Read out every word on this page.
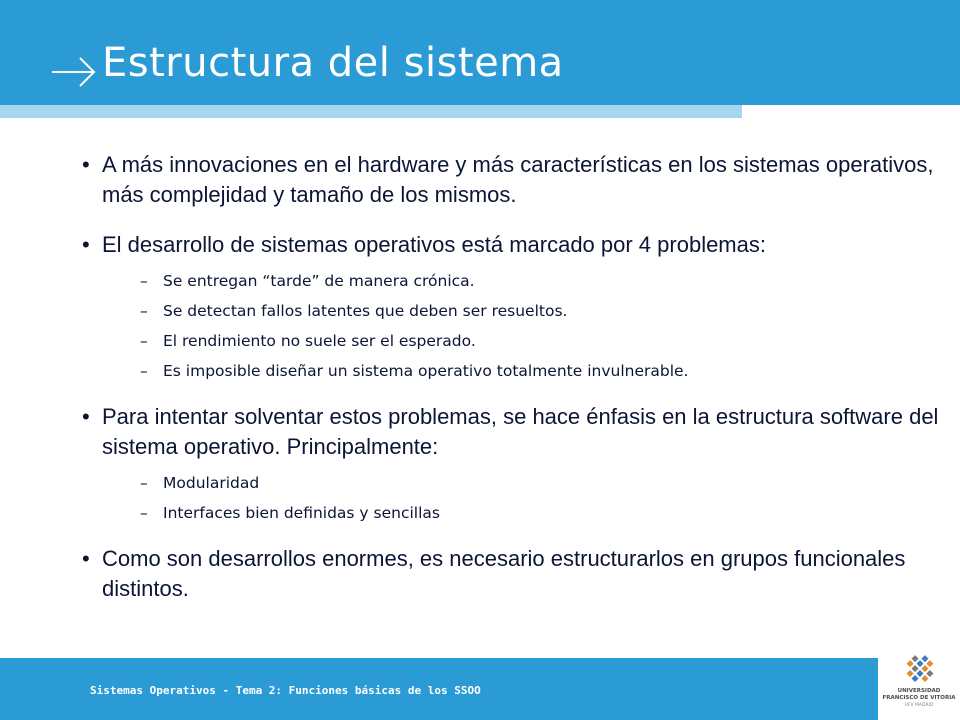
Estructura del sistema
• A más innovaciones en el hardware y más características en los sistemas operativos, más complejidad y tamaño de los mismos.
• El desarrollo de sistemas operativos está marcado por 4 problemas:
– Se entregan “tarde” de manera crónica.
– Se detectan fallos latentes que deben ser resueltos.
– El rendimiento no suele ser el esperado.
– Es imposible diseñar un sistema operativo totalmente invulnerable.
• Para intentar solventar estos problemas, se hace énfasis en la estructura software del sistema operativo. Principalmente:
– Modularidad
– Interfaces bien definidas y sencillas
• Como son desarrollos enormes, es necesario estructurarlos en grupos funcionales distintos.
Sistemas Operativos - Tema 2: Funciones básicas de los SSOO	UNIVERSIDAD
FRANCISCO DE VITORIA
UFV MADRID
